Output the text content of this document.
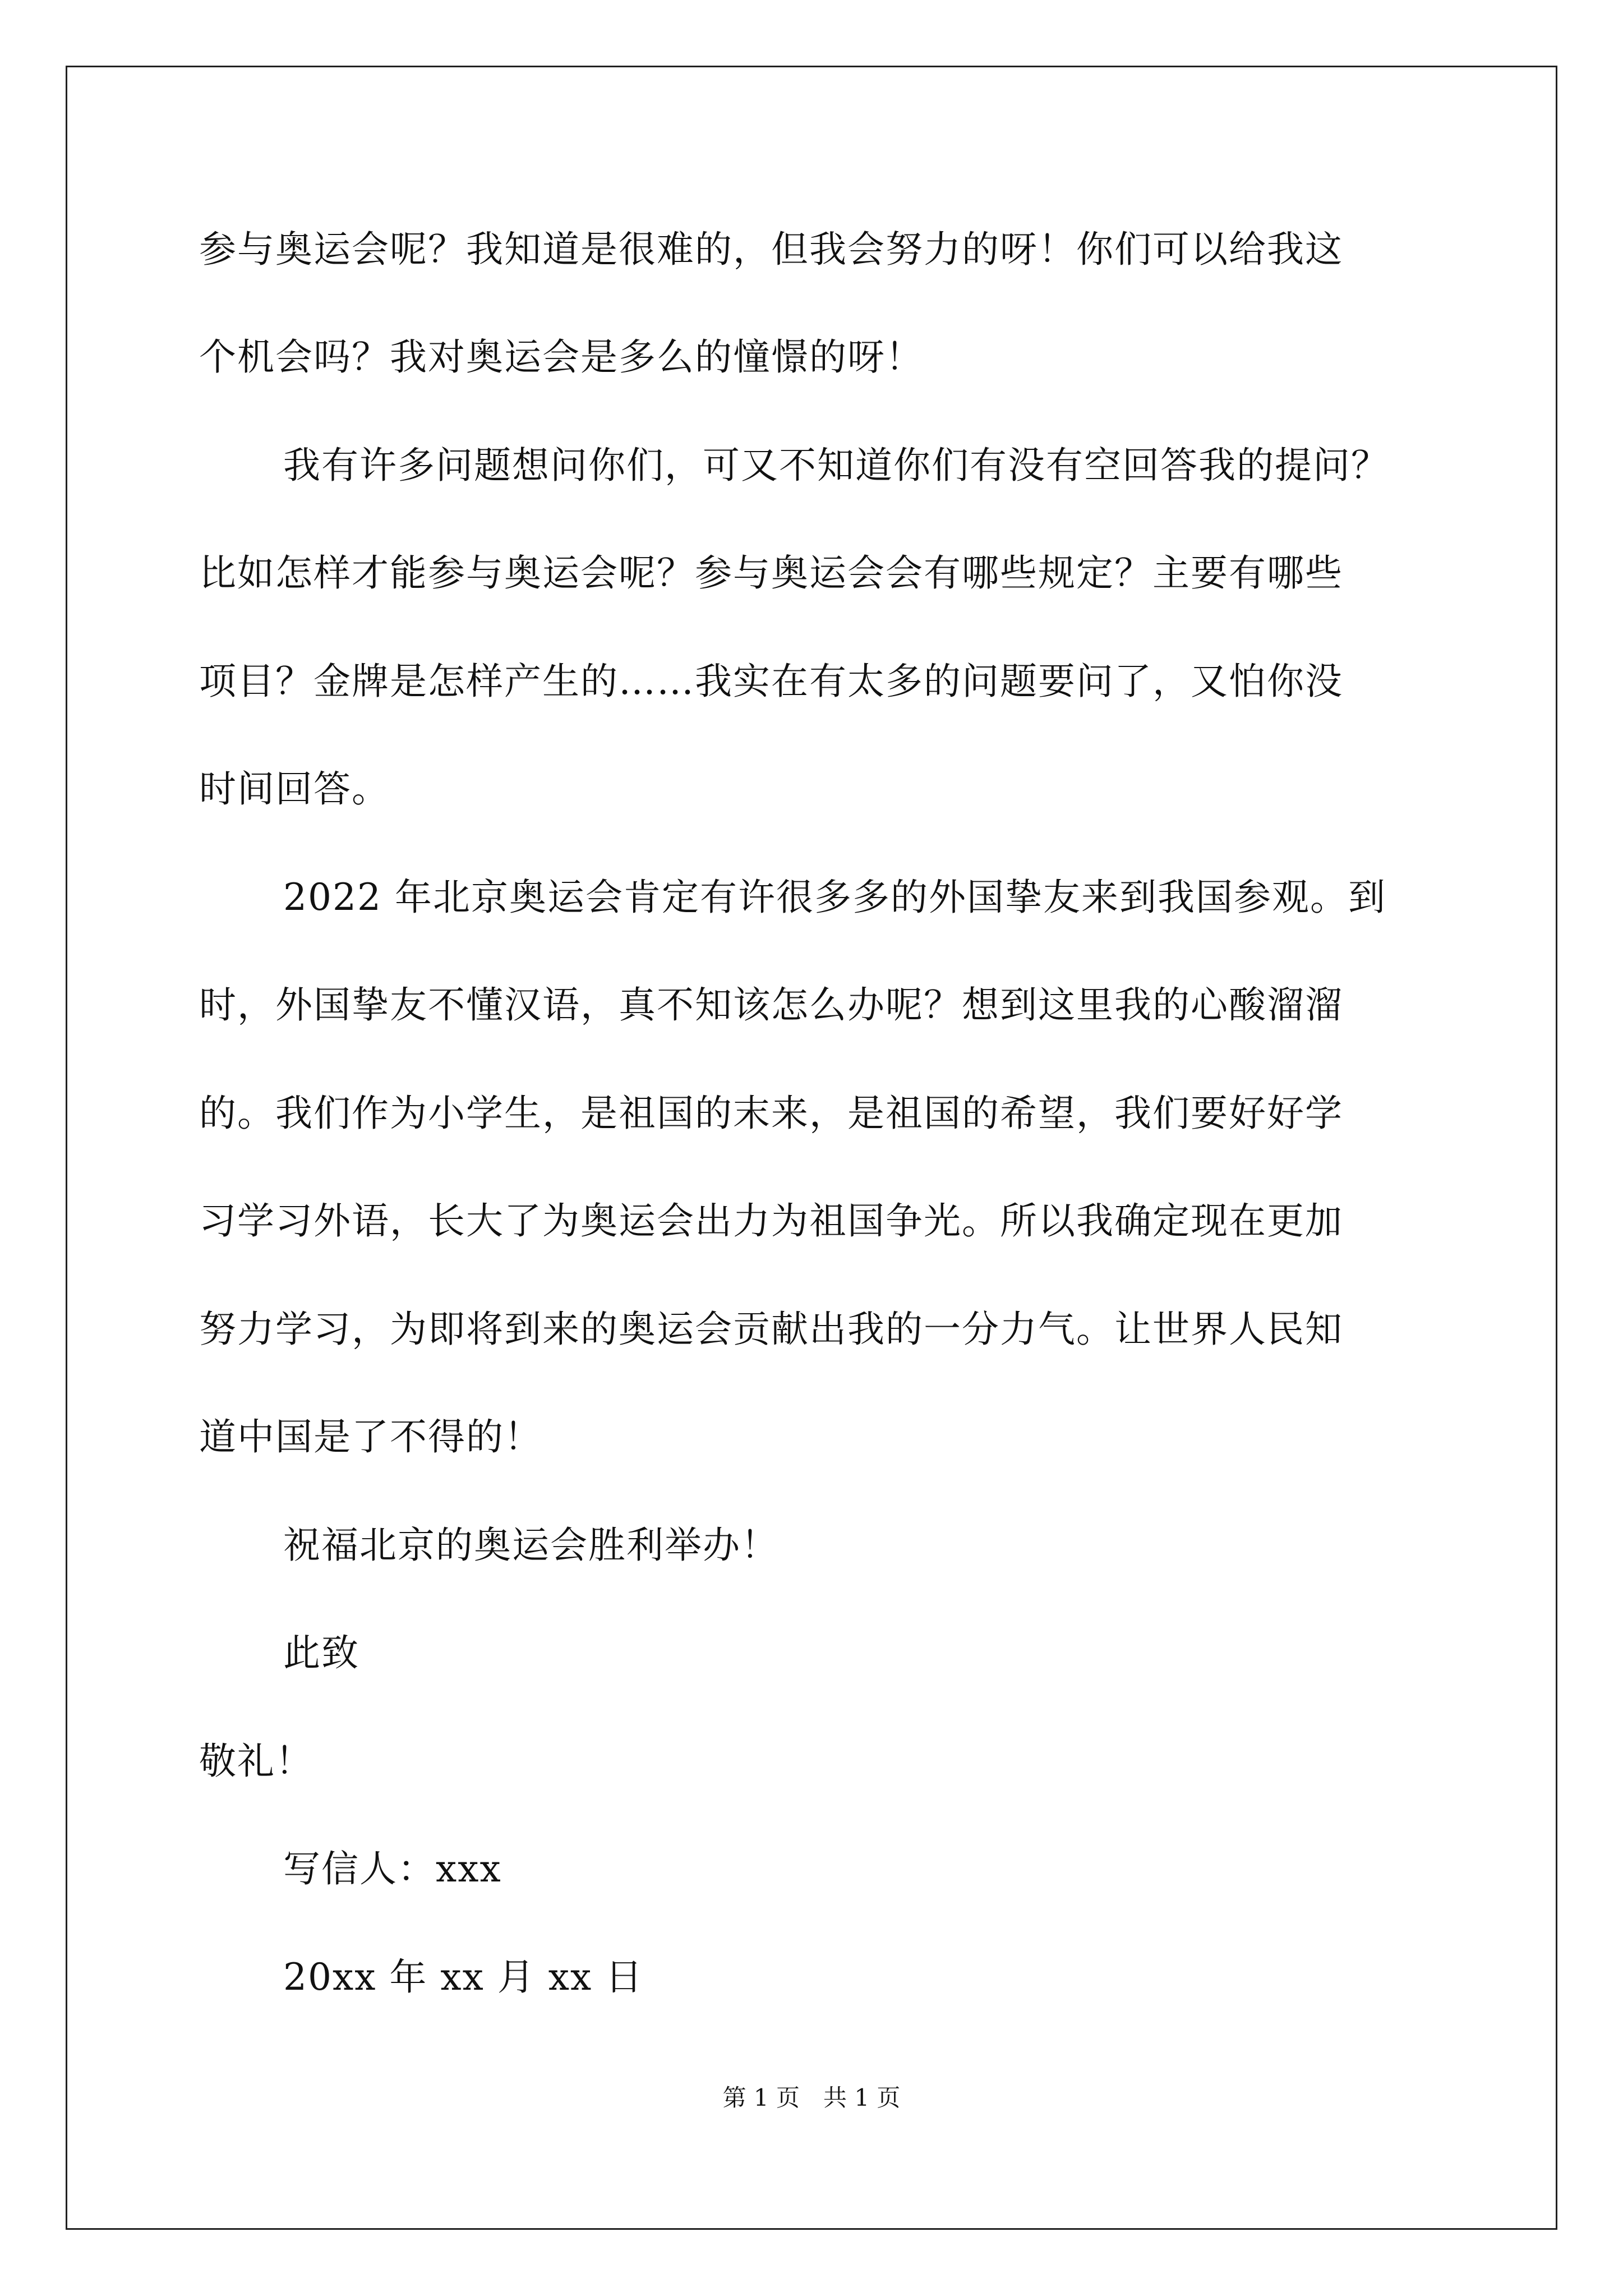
参与奥运会呢？我知道是很难的，但我会努力的呀！你们可以给我这
个机会吗？我对奥运会是多么的憧憬的呀！
我有许多问题想问你们，可又不知道你们有没有空回答我的提问？
比如怎样才能参与奥运会呢？参与奥运会会有哪些规定？主要有哪些
项目？金牌是怎样产生的……我实在有太多的问题要问了，又怕你没
时间回答。
2022 年北京奥运会肯定有许很多多的外国挚友来到我国参观。到
时，外国挚友不懂汉语，真不知该怎么办呢？想到这里我的心酸溜溜
的。我们作为小学生，是祖国的末来，是祖国的希望，我们要好好学
习学习外语，长大了为奥运会出力为祖国争光。所以我确定现在更加
努力学习，为即将到来的奥运会贡献出我的一分力气。让世界人民知
道中国是了不得的！
祝福北京的奥运会胜利举办！
此致
敬礼！
写信人：xxx
20xx 年 xx 月 xx 日
第 1 页　共 1 页
